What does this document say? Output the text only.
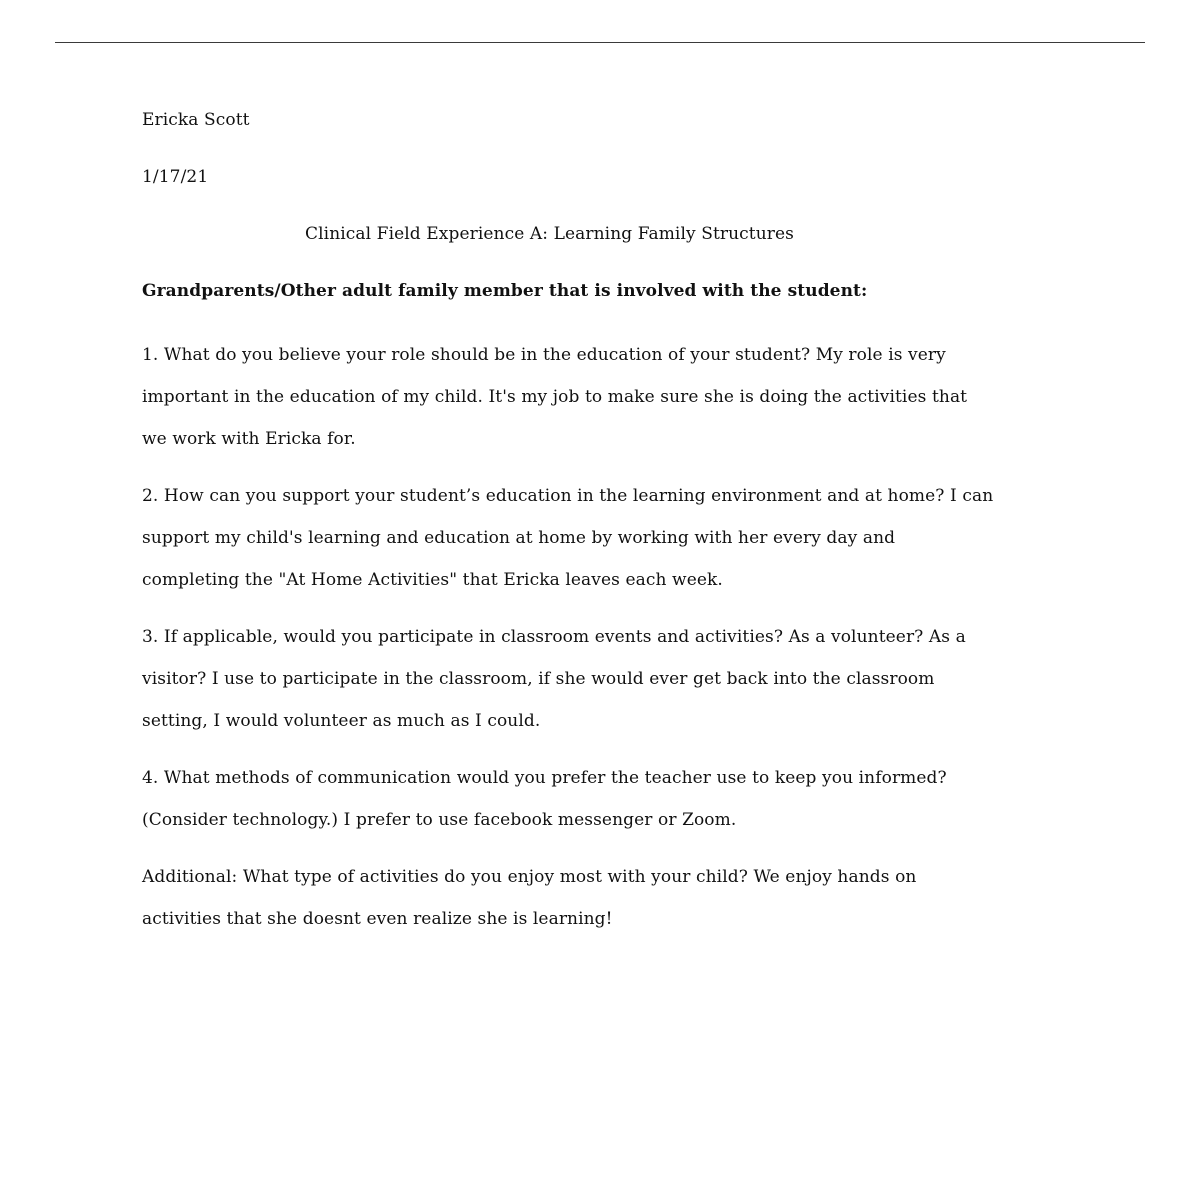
Ericka Scott

1/17/21

Clinical Field Experience A: Learning Family Structures

Grandparents/Other adult family member that is involved with the student:

1. What do you believe your role should be in the education of your student? My role is very
important in the education of my child. It's my job to make sure she is doing the activities that
we work with Ericka for.
2. How can you support your student’s education in the learning environment and at home? I can
support my child's learning and education at home by working with her every day and
completing the "At Home Activities" that Ericka leaves each week.
3. If applicable, would you participate in classroom events and activities? As a volunteer? As a
visitor? I use to participate in the classroom, if she would ever get back into the classroom
setting, I would volunteer as much as I could.
4. What methods of communication would you prefer the teacher use to keep you informed?
(Consider technology.) I prefer to use facebook messenger or Zoom.
Additional: What type of activities do you enjoy most with your child? We enjoy hands on
activities that she doesnt even realize she is learning!
